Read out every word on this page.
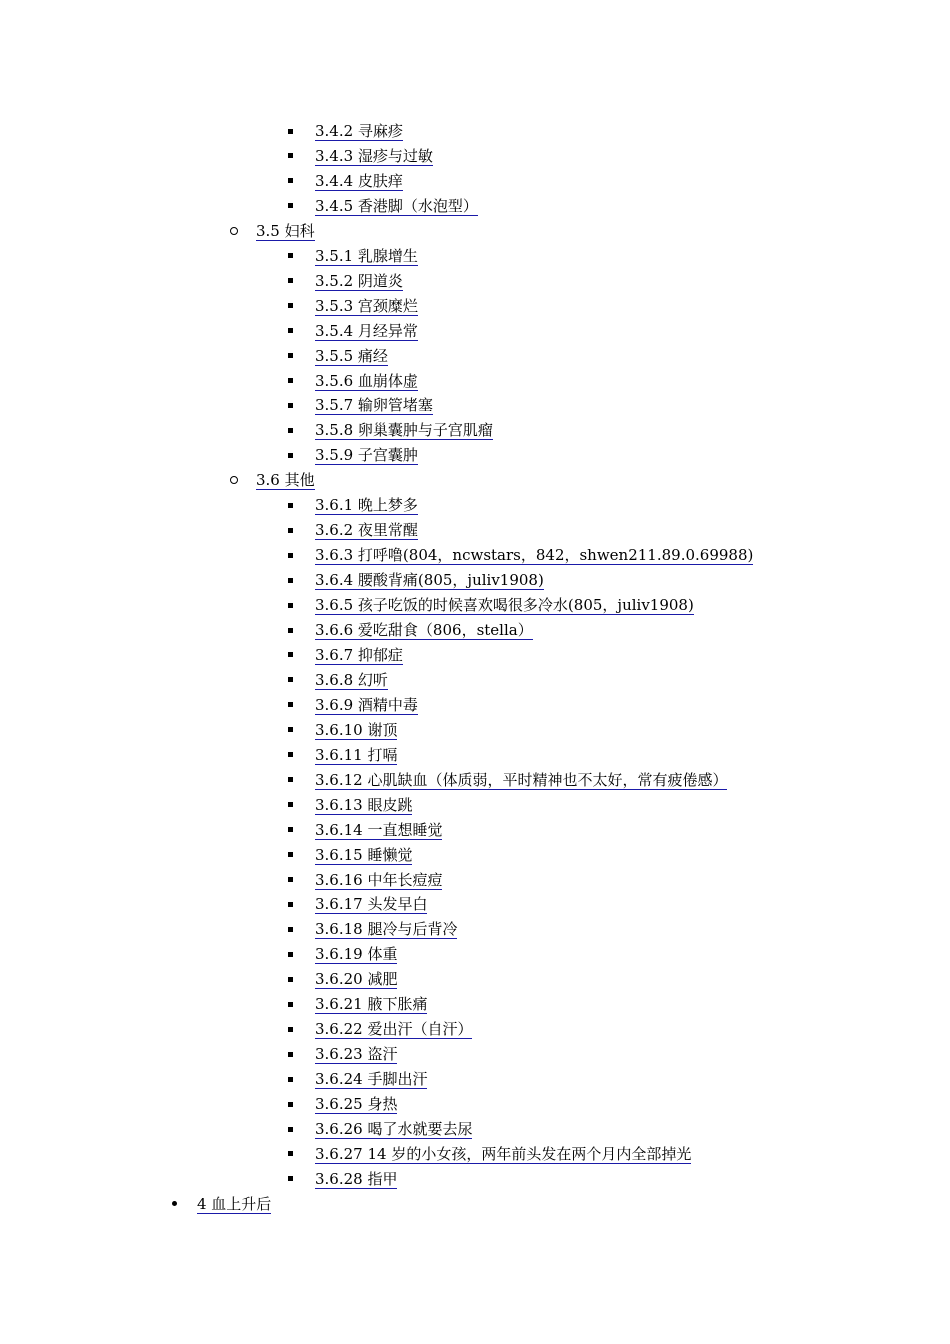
3.4.2 寻麻疹
3.4.3 湿疹与过敏
3.4.4 皮肤痒
3.4.5 香港脚（水泡型）
3.5 妇科
3.5.1 乳腺增生
3.5.2 阴道炎
3.5.3 宫颈糜烂
3.5.4 月经异常
3.5.5 痛经
3.5.6 血崩体虚
3.5.7 输卵管堵塞
3.5.8 卵巢囊肿与子宫肌瘤
3.5.9 子宫囊肿
3.6 其他
3.6.1 晚上梦多
3.6.2 夜里常醒
3.6.3 打呼噜(804，ncwstars，842，shwen211.89.0.69988)
3.6.4 腰酸背痛(805，juliv1908)
3.6.5 孩子吃饭的时候喜欢喝很多冷水(805，juliv1908)
3.6.6 爱吃甜食（806，stella）
3.6.7 抑郁症
3.6.8 幻听
3.6.9 酒精中毒
3.6.10 谢顶
3.6.11 打嗝
3.6.12 心肌缺血（体质弱，平时精神也不太好，常有疲倦感）
3.6.13 眼皮跳
3.6.14 一直想睡觉
3.6.15 睡懒觉
3.6.16 中年长痘痘
3.6.17 头发早白
3.6.18 腿冷与后背冷
3.6.19 体重
3.6.20 减肥
3.6.21 腋下胀痛
3.6.22 爱出汗（自汗）
3.6.23 盗汗
3.6.24 手脚出汗
3.6.25 身热
3.6.26 喝了水就要去尿
3.6.27 14 岁的小女孩，两年前头发在两个月内全部掉光
3.6.28 指甲
4 血上升后
